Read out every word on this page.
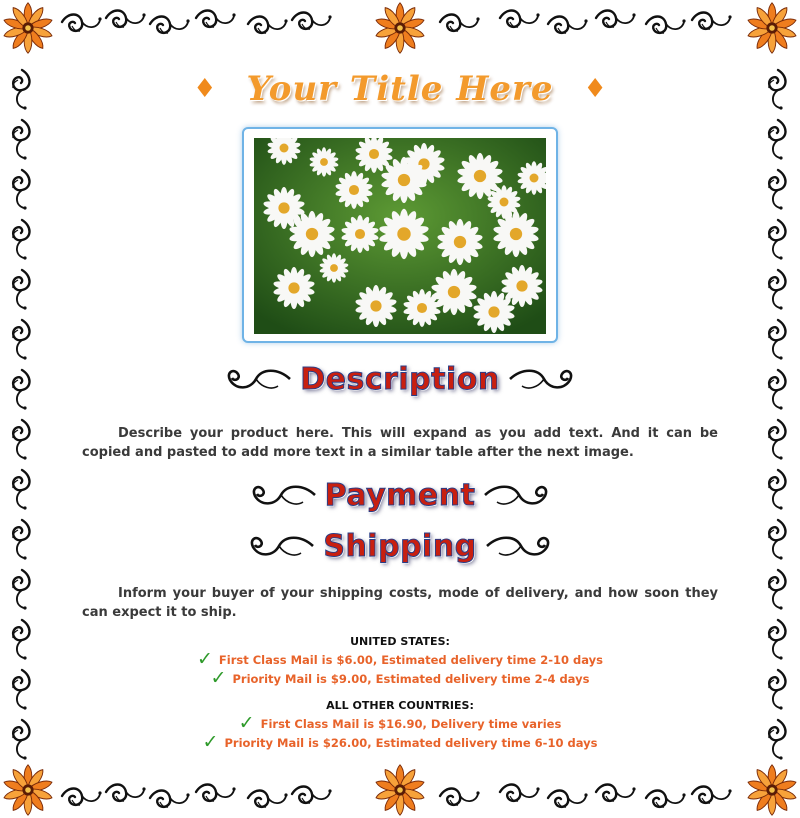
♦ Your Title Here ♦
Description

Describe your product here. This will expand as you add text. And it can be copied and pasted to add more text in a similar table after the next image.

Payment
Shipping

Inform your buyer of your shipping costs, mode of delivery, and how soon they can expect it to ship.

UNITED STATES:
✓ First Class Mail is $6.00, Estimated delivery time 2-10 days
✓ Priority Mail is $9.00, Estimated delivery time 2-4 days
ALL OTHER COUNTRIES:
✓ First Class Mail is $16.90, Delivery time varies
✓ Priority Mail is $26.00, Estimated delivery time 6-10 days
